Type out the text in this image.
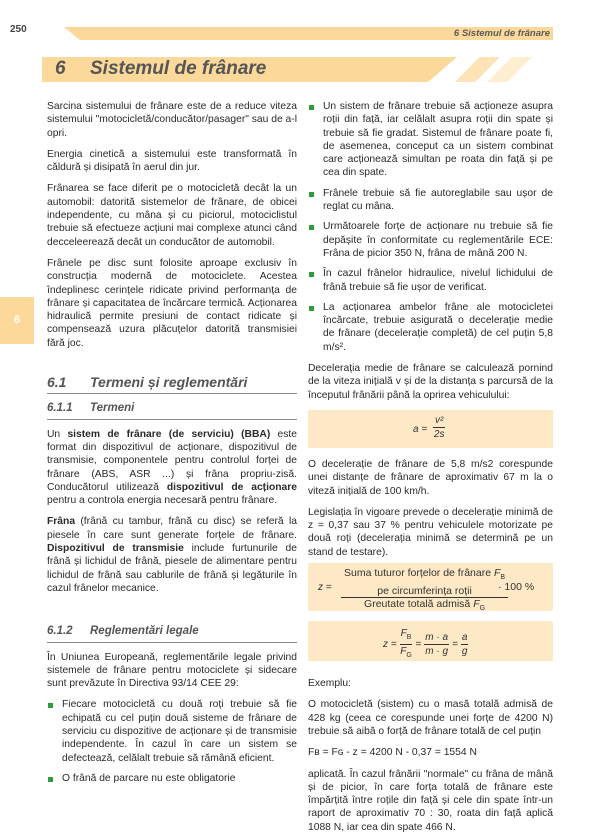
250	6 Sistemul de frânare
6 Sistemul de frânare
6

Sarcina sistemului de frânare este de a reduce viteza sistemului "motocicletă/conducător/pasager" sau de a-l opri.

Energia cinetică a sistemului este transformată în căldură și disipată în aerul din jur.

Frânarea se face diferit pe o motocicletă decât la un automobil: datorită sistemelor de frânare, de obicei independente, cu mâna și cu piciorul, motociclistul trebuie să efectueze acțiuni mai complexe atunci când decceleerează decât un conducător de automobil.

Frânele pe disc sunt folosite aproape exclusiv în construcția modernă de motociclete. Acestea îndeplinesc cerințele ridicate privind performanța de frânare și capacitatea de încărcare termică. Acționarea hidraulică permite presiuni de contact ridicate și compensează uzura plăcuțelor datorită transmisiei fără joc.

6.1	Termeni și reglementări
6.1.1	Termeni

Un sistem de frânare (de serviciu) (BBA) este format din dispozitivul de acționare, dispozitivul de transmisie, componentele pentru controlul forței de frânare (ABS, ASR ...) și frâna propriu-zisă. Conducătorul utilizează dispozitivul de acționare pentru a controla energia necesară pentru frânare.

Frâna (frână cu tambur, frână cu disc) se referă la piesele în care sunt generate forțele de frânare. Dispozitivul de transmisie include furtunurile de frână și lichidul de frână, piesele de alimentare pentru lichidul de frână sau cablurile de frână și legăturile în cazul frânelor mecanice.

6.1.2	Reglementări legale

În Uniunea Europeană, reglementările legale privind sistemele de frânare pentru motociclete și sidecare sunt prevăzute în Directiva 93/14 CEE 29:

Fiecare motocicletă cu două roți trebuie să fie echipată cu cel puțin două sisteme de frânare de serviciu cu dispozitive de acționare și de transmisie independente. În cazul în care un sistem se defectează, celălalt trebuie să rămână eficient.
O frână de parcare nu este obligatorie
Un sistem de frânare trebuie să acționeze asupra roții din față, iar celălalt asupra roții din spate și trebuie să fie gradat. Sistemul de frânare poate fi, de asemenea, conceput ca un sistem combinat care acționează simultan pe roata din față și pe cea din spate.
Frânele trebuie să fie autoreglabile sau ușor de reglat cu mâna.
Următoarele forțe de acționare nu trebuie să fie depășite în conformitate cu reglementările ECE: Frâna de picior 350 N, frâna de mână 200 N.
În cazul frânelor hidraulice, nivelul lichidului de frână trebuie să fie ușor de verificat.
La acționarea ambelor frâne ale motocicletei încărcate, trebuie asigurată o decelerație medie de frânare (decelerație completă) de cel puțin 5,8 m/s².

Decelerația medie de frânare se calculează pornind de la viteza inițială v și de la distanța s parcursă de la începutul frânării până la oprirea vehiculului:

$a = \frac{\text{v²}}{2s}$

O decelerație de frânare de 5,8 m/s2 corespunde unei distanțe de frânare de aproximativ 67 m la o viteză inițială de 100 km/h.

Legislația în vigoare prevede o decelerație minimă de z = 0,37 sau 37 % pentru vehiculele motorizate pe două roți (decelerația minimă se determină pe un stand de testare).

z =
Suma tuturor forțelor de frânare $F_B$
pe circumferința roții
Greutate totală admisă $F_G$
· 100 %
$z = \frac{F_B}{F_G} = \frac{m \cdot a}{m \cdot g} = \frac{a}{g}$

Exemplu:

O motocicletă (sistem) cu o masă totală admisă de 428 kg (ceea ce corespunde unei forțe de 4200 N) trebuie să aibă o forță de frânare totală de cel puțin

Fʙ = Fɢ - z = 4200 N - 0,37 = 1554 N

aplicată. În cazul frânării "normale" cu frâna de mână și de picior, în care forța totală de frânare este împărțită între roțile din față și cele din spate într-un raport de aproximativ 70 : 30, roata din față aplică 1088 N, iar cea din spate 466 N.
